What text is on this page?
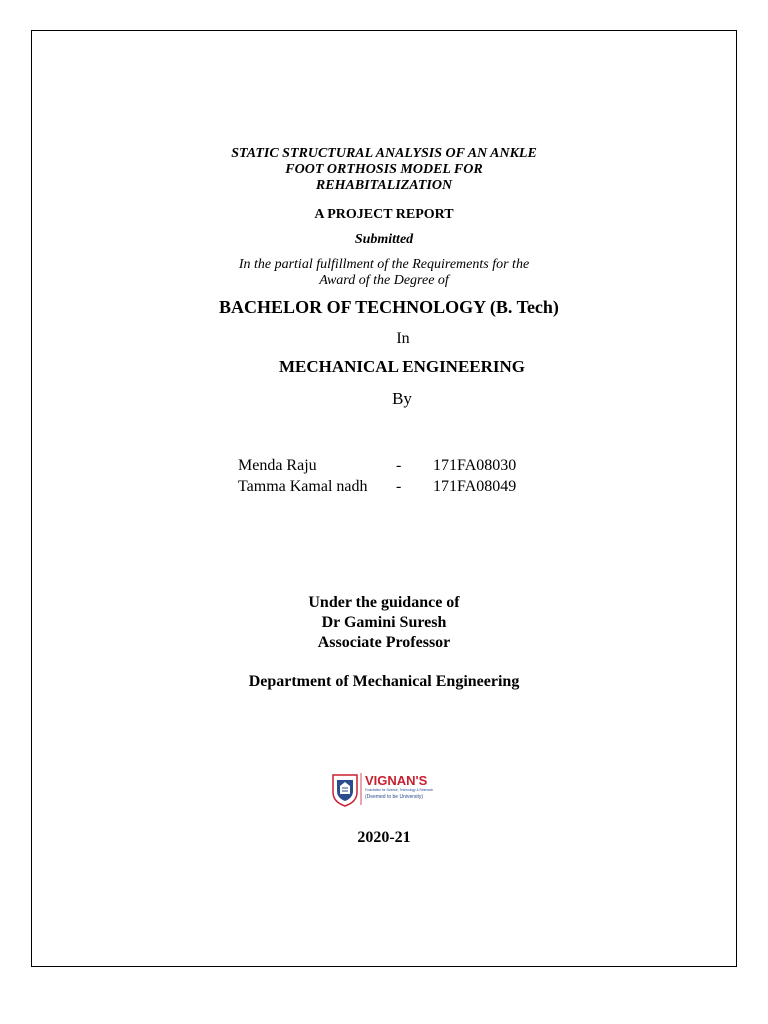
STATIC STRUCTURAL ANALYSIS OF AN ANKLE
FOOT ORTHOSIS MODEL FOR
REHABITALIZATION
A PROJECT REPORT
Submitted
In the partial fulfillment of the Requirements for the
Award of the Degree of
BACHELOR OF TECHNOLOGY (B. Tech)
In
MECHANICAL ENGINEERING
By
Menda Raju	- 171FA08030
Tamma Kamal nadh - 171FA08049
Under the guidance of
Dr Gamini Suresh
Associate Professor
Department of Mechanical Engineering
VIGNAN'S
Foundation for Science, Technology & Research
(Deemed to be University)
2020-21
